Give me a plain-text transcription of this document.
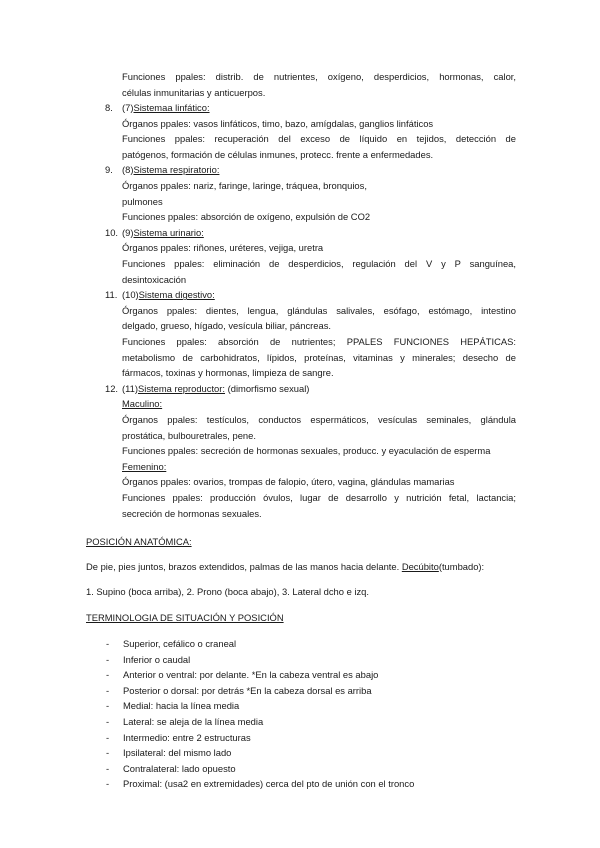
Funciones ppales: distrib. de nutrientes, oxígeno, desperdicios, hormonas, calor,
células inmunitarias y anticuerpos.
8. (7)Sistemaa linfático:
Órganos ppales: vasos linfáticos, timo, bazo, amígdalas, ganglios linfáticos
Funciones ppales: recuperación del exceso de líquido en tejidos, detección de
patógenos, formación de células inmunes, protecc. frente a enfermedades.
9. (8)Sistema respiratorio:
Órganos ppales: nariz, faringe, laringe, tráquea, bronquios,
pulmones
Funciones ppales: absorción de oxígeno, expulsión de CO2
10. (9)Sistema urinario:
Órganos ppales: riñones, uréteres, vejiga, uretra
Funciones ppales: eliminación de desperdicios, regulación del V y P sanguínea,
desintoxicación
11. (10)Sistema digestivo:
Órganos ppales: dientes, lengua, glándulas salivales, esófago, estómago, intestino
delgado, grueso, hígado, vesícula biliar, páncreas.
Funciones ppales: absorción de nutrientes; PPALES FUNCIONES HEPÁTICAS:
metabolismo de carbohidratos, lípidos, proteínas, vitaminas y minerales; desecho de
fármacos, toxinas y hormonas, limpieza de sangre.
12. (11)Sistema reproductor: (dimorfismo sexual)
Maculino:
Órganos ppales: testículos, conductos espermáticos, vesículas seminales, glándula
prostática, bulbouretrales, pene.
Funciones ppales: secreción de hormonas sexuales, producc. y eyaculación de esperma
Femenino:
Órganos ppales: ovarios, trompas de falopio, útero, vagina, glándulas mamarias
Funciones ppales: producción óvulos, lugar de desarrollo y nutrición fetal, lactancia;
secreción de hormonas sexuales.
POSICIÓN ANATÓMICA:
De pie, pies juntos, brazos extendidos, palmas de las manos hacia delante. Decúbito(tumbado):
1. Supino (boca arriba), 2. Prono (boca abajo), 3. Lateral dcho e izq.
TERMINOLOGIA DE SITUACIÓN Y POSICIÓN
- Superior, cefálico o craneal
- Inferior o caudal
- Anterior o ventral: por delante. *En la cabeza ventral es abajo
- Posterior o dorsal: por detrás *En la cabeza dorsal es arriba
- Medial: hacia la línea media
- Lateral: se aleja de la línea media
- Intermedio: entre 2 estructuras
- Ipsilateral: del mismo lado
- Contralateral: lado opuesto
- Proximal: (usa2 en extremidades) cerca del pto de unión con el tronco
